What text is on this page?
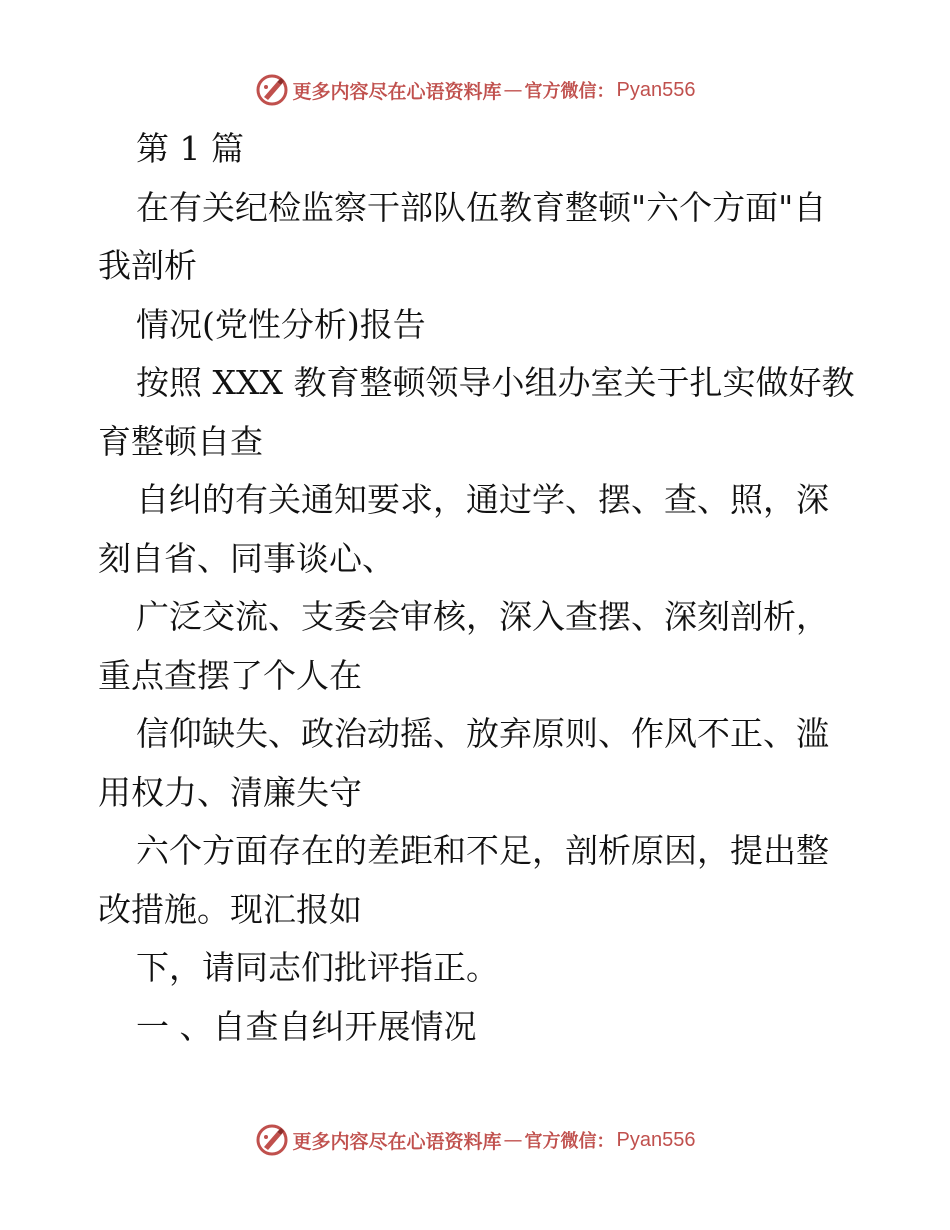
更多内容尽在心语资料库 — 官方微信： Pyan556

第 1 篇

在有关纪检监察干部队伍教育整顿"六个方面"自我剖析

情况(党性分析)报告

按照 XXX 教育整顿领导小组办室关于扎实做好教育整顿自查

自纠的有关通知要求，通过学、摆、查、照，深刻自省、同事谈心、

广泛交流、支委会审核，深入查摆、深刻剖析，重点查摆了个人在

信仰缺失、政治动摇、放弃原则、作风不正、滥用权力、清廉失守

六个方面存在的差距和不足，剖析原因，提出整改措施。现汇报如

下，请同志们批评指正。

一 、自查自纠开展情况

更多内容尽在心语资料库 — 官方微信： Pyan556
